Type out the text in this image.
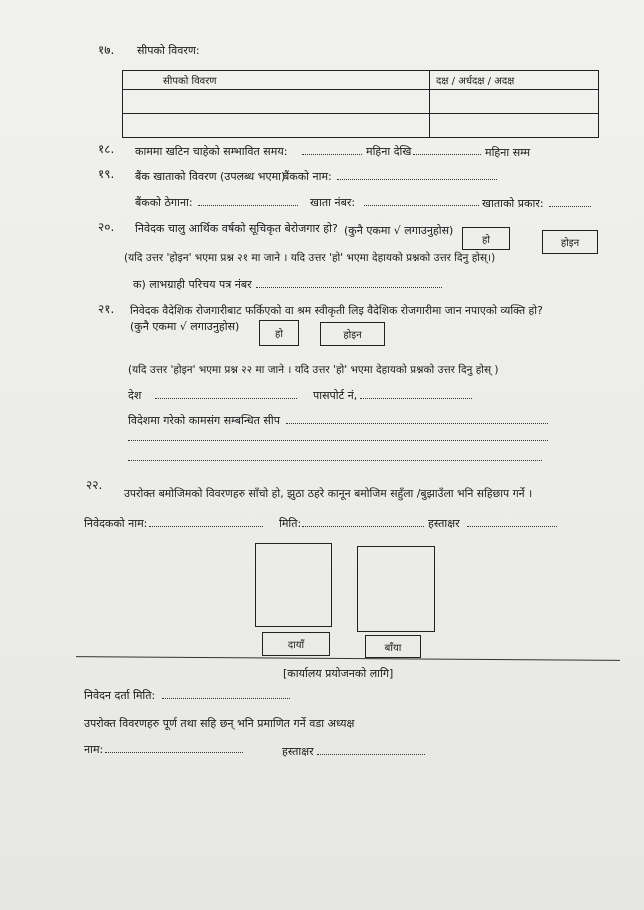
१७. सीपको विवरण:
सीपको विवरण	दक्ष / अर्धदक्ष / अदक्ष

१८. काममा खटिन चाहेको सम्भावित समय:	महिना देखि	महिना सम्म
१९. बैंक खाताको विवरण (उपलब्ध भएमा)
बैंकको नाम:
बैंकको ठेगाना:	खाता नंबर:	खाताको प्रकार:
२०. निवेदक चालु आर्थिक वर्षको सूचिकृत बेरोजगार हो? (कुनै एकमा √ लगाउनुहोस)
हो	होइन
(यदि उत्तर 'होइन' भएमा प्रश्न २१ मा जाने । यदि उत्तर 'हो' भएमा देहायको प्रश्नको उत्तर दिनु होस्।)
क) लाभग्राही परिचय पत्र नंबर
२१. निवेदक वैदेशिक रोजगारीबाट फर्किएको वा श्रम स्वीकृती लिइ वैदेशिक रोजगारीमा जान नपाएको व्यक्ति हो?
(कुनै एकमा √ लगाउनुहोस)
हो	होइन
(यदि उत्तर 'होइन' भएमा प्रश्न २२ मा जाने । यदि उत्तर 'हो' भएमा देहायको प्रश्नको उत्तर दिनु होस् )
देश	पासपोर्ट नं,
विदेशमा गरेको कामसंग सम्बन्धित सीप
२२.
उपरोक्त बमोजिमको विवरणहरु साँचो हो, झुठा ठहरे कानून बमोजिम सहुँला /बुझाउँला भनि सहिछाप गर्ने ।
निवेदकको नाम:	मिति:	हस्ताक्षर
दायाँ	बाँया
[कार्यालय प्रयोजनको लागि]
निवेदन दर्ता मिति:
उपरोक्त विवरणहरु पूर्ण तथा सहि छन् भनि प्रमाणित गर्ने वडा अध्यक्ष
नाम:	हस्ताक्षर
